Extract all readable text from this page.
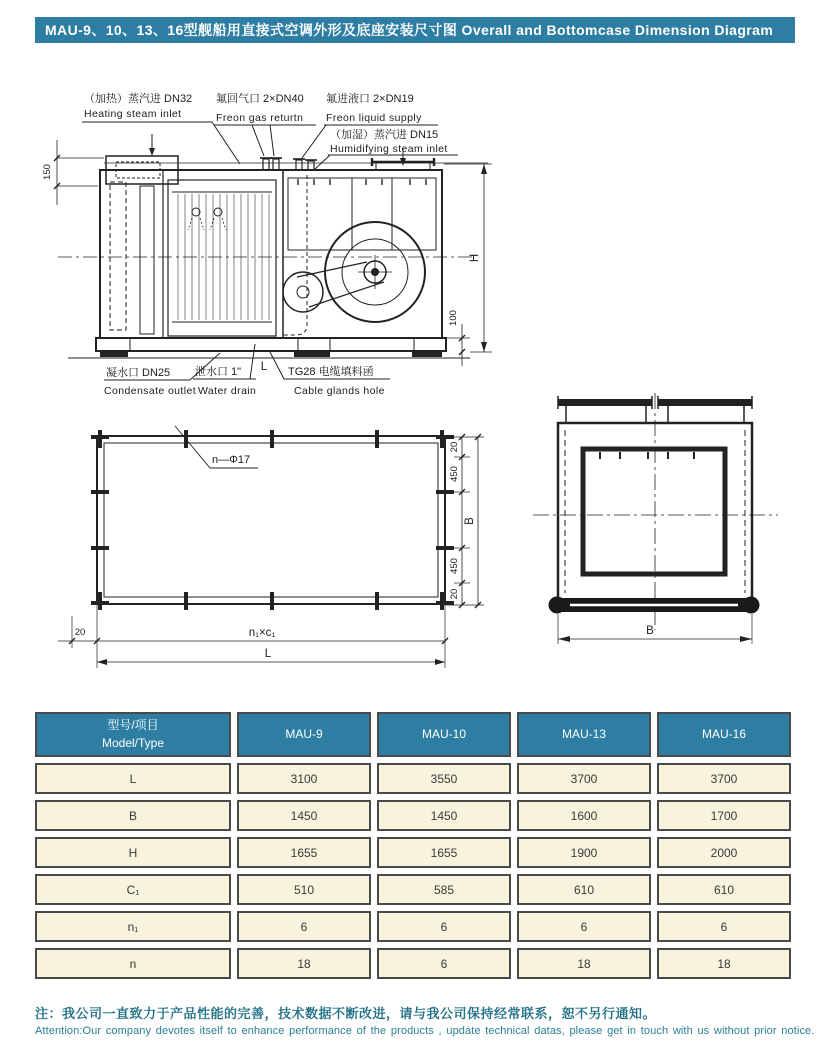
（加热）蒸汽进 DN32
Heating steam inlet
氟回气口 2×DN40
Freon gas returtn
氟进液口 2×DN19
Freon liquid supply
（加湿）蒸汽进 DN15
Humidifying steam inlet
L
150
H
100
凝水口 DN25
Condensate outlet
泄水口 1"
Water drain
TG28 电缆填料函
Cable glands hole
n—Φ17
20
450
B
450
20
20	n₁×c₁
L
B
MAU-9、10、13、16型舰船用直接式空调外形及底座安装尺寸图 Overall and Bottomcase Dimension Diagram
型号/项目
Model/Type
MAU-9	MAU-10	MAU-13	MAU-16
L	3100	3550	3700	3700
B	1450	1450	1600	1700
H	1655	1655	1900	2000
C₁	510	585	610	610
n₁	6	6	6	6
n	18	6	18	18
注：我公司一直致力于产品性能的完善，技术数据不断改进，请与我公司保持经常联系，恕不另行通知。
Attention:Our company devotes itself to enhance performance of the products , update technical datas, please get in touch with us without prior notice.
